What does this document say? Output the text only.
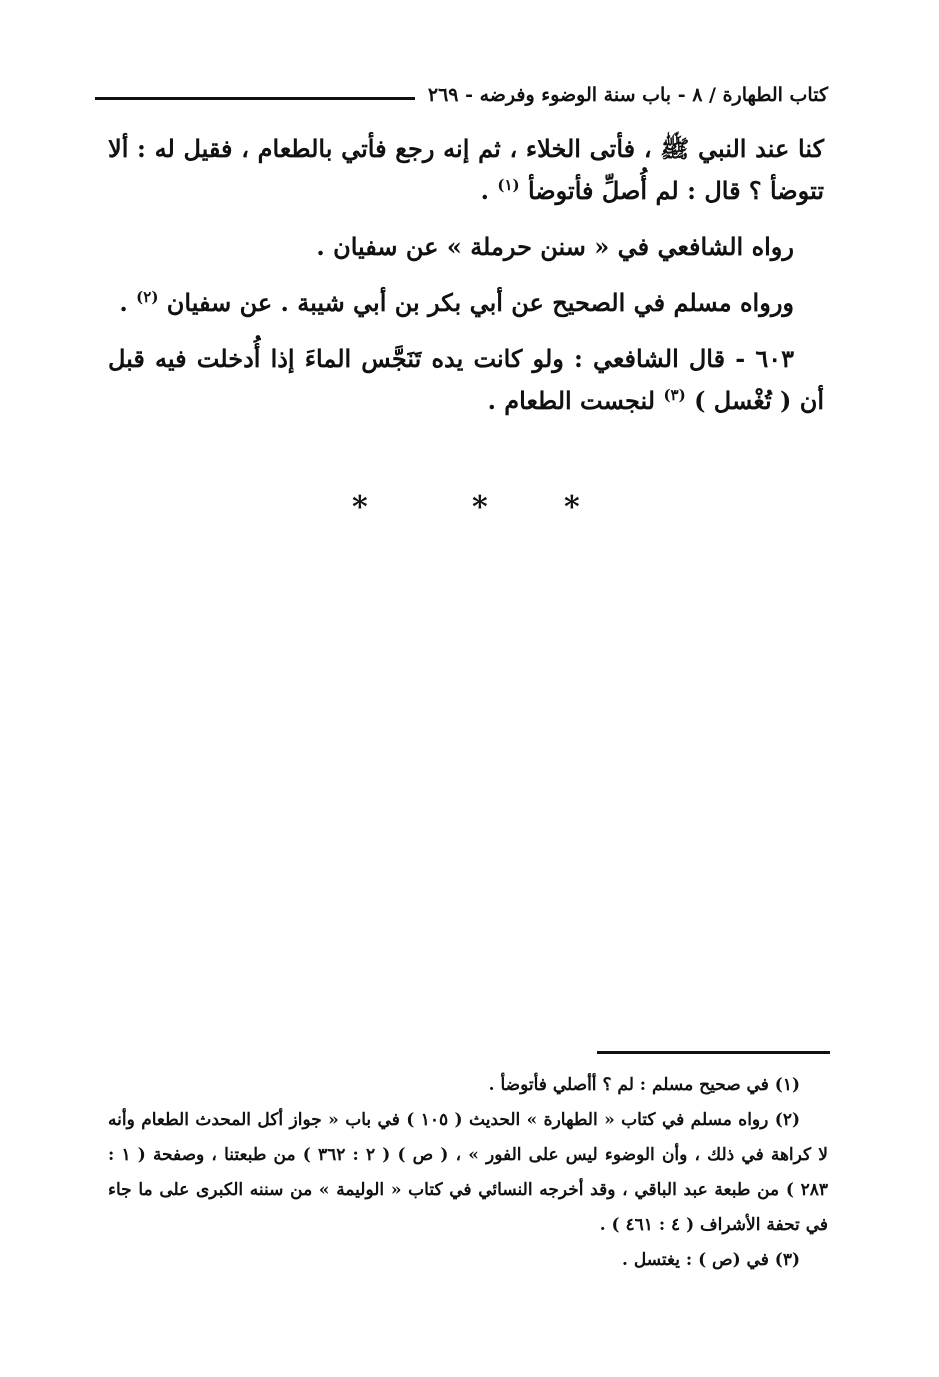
كتاب الطهارة / ٨ - باب سنة الوضوء وفرضه - ٢٦٩

كنا عند النبي ﷺ ، فأتى الخلاء ، ثم إنه رجع فأتي بالطعام ، فقيل له : ألا تتوضأ ؟ قال : لم أُصلِّ فأتوضأ $^{(١)}$ .

رواه الشافعي في « سنن حرملة » عن سفيان .

ورواه مسلم في الصحيح عن أبي بكر بن أبي شيبة . عن سفيان $^{(٢)}$ .

٦٠٣ - قال الشافعي : ولو كانت يده تَنَجَّس الماءَ إذا أُدخلت فيه قبل أن ( تُغْسل ) $^{(٣)}$ لنجست الطعام .

*	*	*

(١) في صحيح مسلم : لم ؟ أأصلي فأتوضأ .

(٢) رواه مسلم في كتاب « الطهارة » الحديث ( ١٠٥ ) في باب « جواز أكل المحدث الطعام وأنه لا كراهة في ذلك ، وأن الوضوء ليس على الفور » ، ( ص ) ( ٢ : ٣٦٢ ) من طبعتنا ، وصفحة ( ١ : ٢٨٣ ) من طبعة عبد الباقي ، وقد أخرجه النسائي في كتاب « الوليمة » من سننه الكبرى على ما جاء في تحفة الأشراف ( ٤ : ٤٦١ ) .

(٣) في (ص ) : يغتسل .
